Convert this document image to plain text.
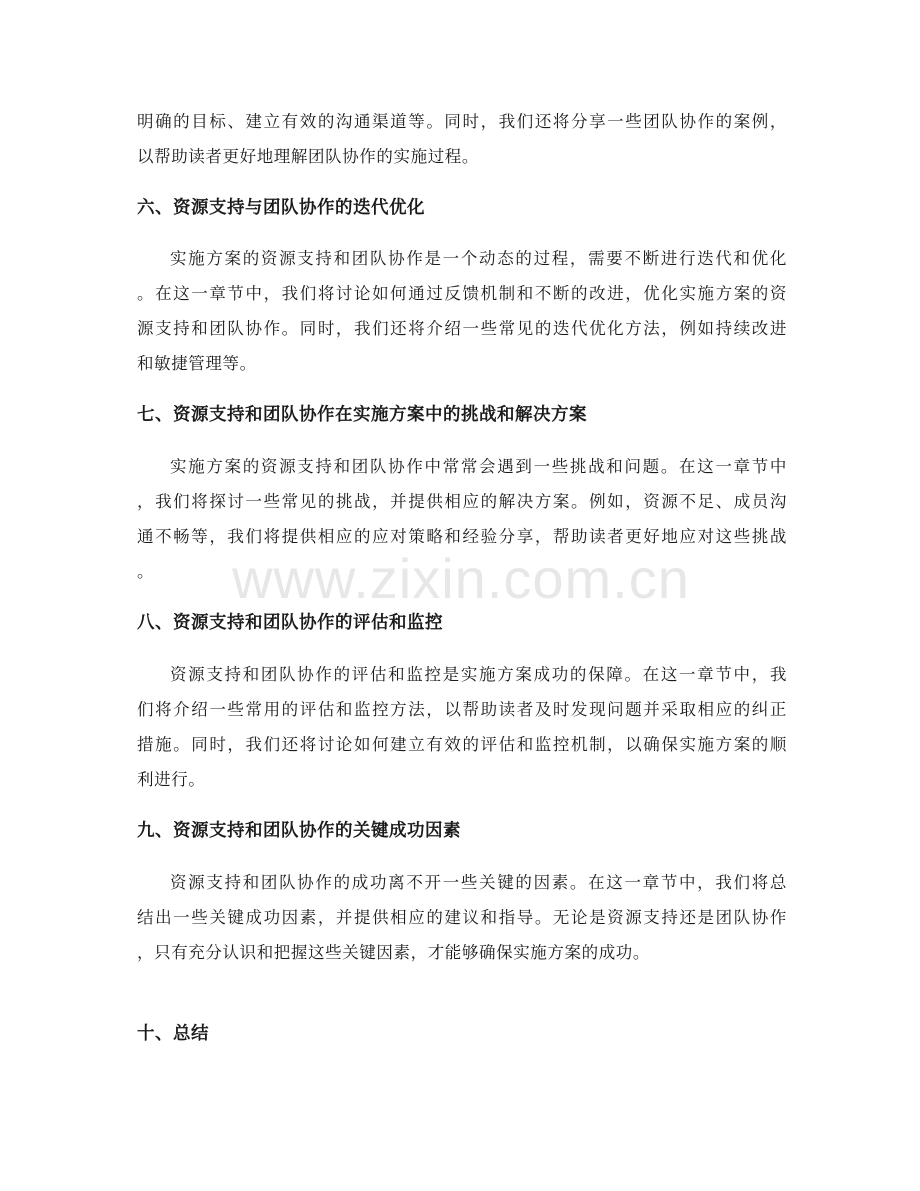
明确的目标、建立有效的沟通渠道等。同时，我们还将分享一些团队协作的案例，
以帮助读者更好地理解团队协作的实施过程。
六、资源支持与团队协作的迭代优化
实施方案的资源支持和团队协作是一个动态的过程，需要不断进行迭代和优化
。在这一章节中，我们将讨论如何通过反馈机制和不断的改进，优化实施方案的资
源支持和团队协作。同时，我们还将介绍一些常见的迭代优化方法，例如持续改进
和敏捷管理等。
七、资源支持和团队协作在实施方案中的挑战和解决方案
实施方案的资源支持和团队协作中常常会遇到一些挑战和问题。在这一章节中
，我们将探讨一些常见的挑战，并提供相应的解决方案。例如，资源不足、成员沟
通不畅等，我们将提供相应的应对策略和经验分享，帮助读者更好地应对这些挑战
。
八、资源支持和团队协作的评估和监控
资源支持和团队协作的评估和监控是实施方案成功的保障。在这一章节中，我
们将介绍一些常用的评估和监控方法，以帮助读者及时发现问题并采取相应的纠正
措施。同时，我们还将讨论如何建立有效的评估和监控机制，以确保实施方案的顺
利进行。
九、资源支持和团队协作的关键成功因素
资源支持和团队协作的成功离不开一些关键的因素。在这一章节中，我们将总
结出一些关键成功因素，并提供相应的建议和指导。无论是资源支持还是团队协作
，只有充分认识和把握这些关键因素，才能够确保实施方案的成功。
十、总结
www.zixin.com.cn
